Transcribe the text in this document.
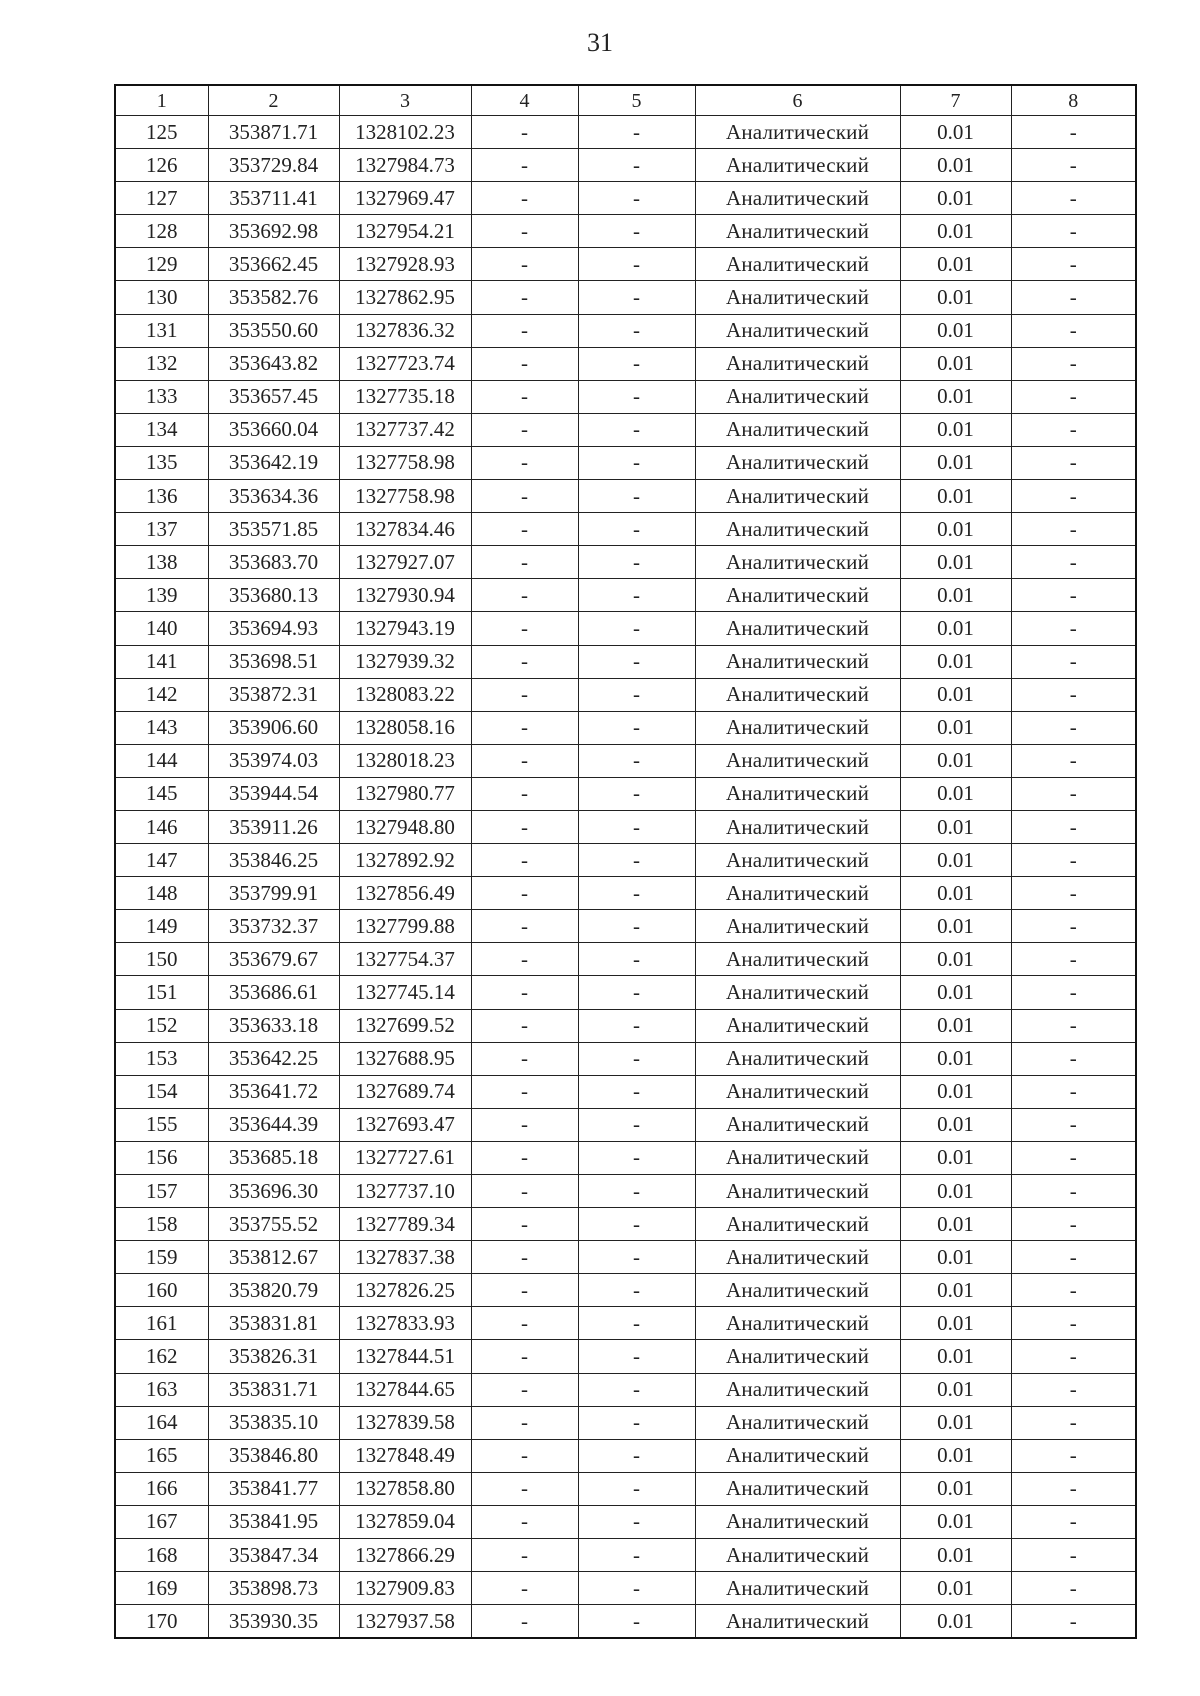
31
1	2	3	4	5	6	7	8
125	353871.71	1328102.23	-	-	Аналитический	0.01	-
126	353729.84	1327984.73	-	-	Аналитический	0.01	-
127	353711.41	1327969.47	-	-	Аналитический	0.01	-
128	353692.98	1327954.21	-	-	Аналитический	0.01	-
129	353662.45	1327928.93	-	-	Аналитический	0.01	-
130	353582.76	1327862.95	-	-	Аналитический	0.01	-
131	353550.60	1327836.32	-	-	Аналитический	0.01	-
132	353643.82	1327723.74	-	-	Аналитический	0.01	-
133	353657.45	1327735.18	-	-	Аналитический	0.01	-
134	353660.04	1327737.42	-	-	Аналитический	0.01	-
135	353642.19	1327758.98	-	-	Аналитический	0.01	-
136	353634.36	1327758.98	-	-	Аналитический	0.01	-
137	353571.85	1327834.46	-	-	Аналитический	0.01	-
138	353683.70	1327927.07	-	-	Аналитический	0.01	-
139	353680.13	1327930.94	-	-	Аналитический	0.01	-
140	353694.93	1327943.19	-	-	Аналитический	0.01	-
141	353698.51	1327939.32	-	-	Аналитический	0.01	-
142	353872.31	1328083.22	-	-	Аналитический	0.01	-
143	353906.60	1328058.16	-	-	Аналитический	0.01	-
144	353974.03	1328018.23	-	-	Аналитический	0.01	-
145	353944.54	1327980.77	-	-	Аналитический	0.01	-
146	353911.26	1327948.80	-	-	Аналитический	0.01	-
147	353846.25	1327892.92	-	-	Аналитический	0.01	-
148	353799.91	1327856.49	-	-	Аналитический	0.01	-
149	353732.37	1327799.88	-	-	Аналитический	0.01	-
150	353679.67	1327754.37	-	-	Аналитический	0.01	-
151	353686.61	1327745.14	-	-	Аналитический	0.01	-
152	353633.18	1327699.52	-	-	Аналитический	0.01	-
153	353642.25	1327688.95	-	-	Аналитический	0.01	-
154	353641.72	1327689.74	-	-	Аналитический	0.01	-
155	353644.39	1327693.47	-	-	Аналитический	0.01	-
156	353685.18	1327727.61	-	-	Аналитический	0.01	-
157	353696.30	1327737.10	-	-	Аналитический	0.01	-
158	353755.52	1327789.34	-	-	Аналитический	0.01	-
159	353812.67	1327837.38	-	-	Аналитический	0.01	-
160	353820.79	1327826.25	-	-	Аналитический	0.01	-
161	353831.81	1327833.93	-	-	Аналитический	0.01	-
162	353826.31	1327844.51	-	-	Аналитический	0.01	-
163	353831.71	1327844.65	-	-	Аналитический	0.01	-
164	353835.10	1327839.58	-	-	Аналитический	0.01	-
165	353846.80	1327848.49	-	-	Аналитический	0.01	-
166	353841.77	1327858.80	-	-	Аналитический	0.01	-
167	353841.95	1327859.04	-	-	Аналитический	0.01	-
168	353847.34	1327866.29	-	-	Аналитический	0.01	-
169	353898.73	1327909.83	-	-	Аналитический	0.01	-
170	353930.35	1327937.58	-	-	Аналитический	0.01	-
